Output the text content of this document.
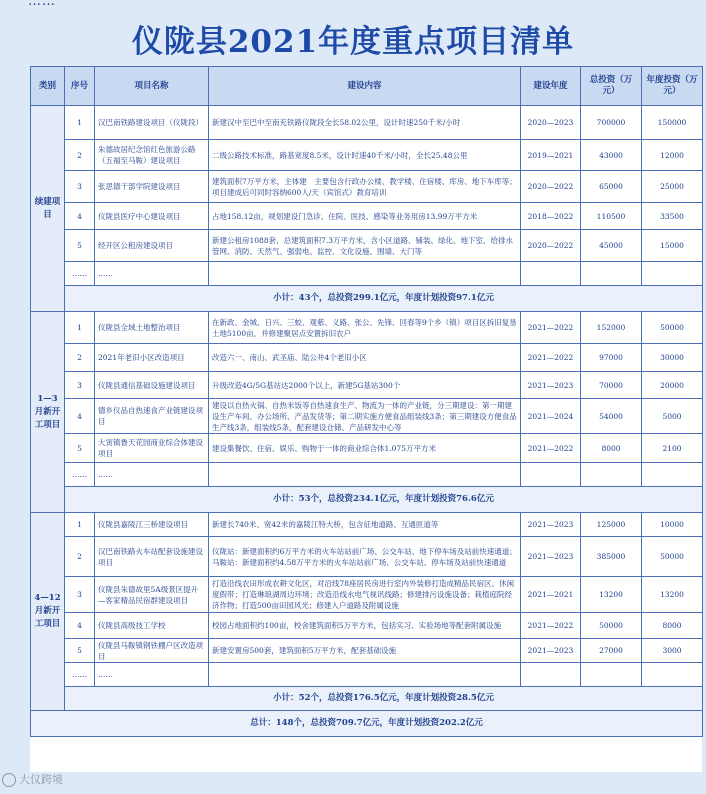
……
仪陇县2021年度重点项目清单
类别	序号	项目名称	建设内容	建设年度	总投资（万元）	年度投资（万元）
续建项目	1	汉巴南铁路建设项目（仪陇段）	新建汉中至巴中至南充铁路仪陇段全长58.02公里，设计时速250千米/小时	2020—2023	700000	150000
	2	朱德故居纪念馆红色旅游公路（五福至马鞍）建设项目	二级公路技术标准，路基宽度8.5米，设计时速40千米/小时，全长25.48公里	2019—2021	43000	12000
	3	张思德干部学院建设项目	建筑面积7万平方米，主体建　主要包含行政办公楼、教学楼、住宿楼、库房、地下车库等；项目建成后可同时容纳600人/天（宾馆式）教育培训	2020—2022	65000	25000
	4	仪陇县医疗中心建设项目	占地158.12亩，规划建设门急诊、住院、医技、感染等业务用房13.99万平方米	2018—2022	110500	33500
	5	经开区公租房建设项目	新建公租房1088套，总建筑面积7.3万平方米，含小区道路、铺装、绿化、地下室、给排水管网、消防、天然气、强弱电、监控、文化设施、围墙、大门等	2020—2022	45000	15000
	……	……				
	小计：43个，总投资299.1亿元，年度计划投资97.1亿元					
1—3月新开工项目	1	仪陇县全域土地整治项目	在新政、金城、日兴、三蛟、观紫、义路、张公、先锋、回春等9个乡（镇）项目区拆旧复垦土地5100亩，并修建聚居点安置拆旧农户	2021—2022	152000	50000
	2	2021年老旧小区改造项目	改造六一、南山、武圣庙、陆公井4个老旧小区	2021—2022	97000	30000
	3	仪陇县通信基础设施建设项目	升级改造4G/5G基站达2000个以上，新建5G基站300个	2021—2023	70000	20000
	4	德乡仪品自热速食产业链建设项目	建设以自热火锅、自热米饭等自热速食生产、物流为一体的产业链，分三期建设：第一期建设生产车间、办公场所、产品发货等；第二期实施方便食品组装线3条；第三期建设方便食品生产线3条，组装线5条，配套建设仓储、产品研发中心等	2021—2024	54000	5000
	5	大寅镇鲁天花园商业综合体建设项目	建设集餐饮、住宿、娱乐、购物于一体的商业综合体1.075万平方米	2021—2022	8000	2100
	……	……				
	小计：53个，总投资234.1亿元，年度计划投资76.6亿元					
4—12月新开工项目	1	仪陇县嘉陵江三桥建设项目	新建长740米、宽42米的嘉陵江特大桥，包含征地道路、互通匝道等	2021—2023	125000	10000
	2	汉巴南铁路火车站配套设施建设项目	仪陇站：新建面积约6万平方米的火车站站前广场、公交车站、地下停车场及站前快速通道；马鞍站：新建面积约4.58万平方米的火车站站前广场、公交车站、停车场及站前快速通道	2021—2023	385000	50000
	3	仪陇县朱德故里5A级景区提升—客家精品民宿群建设项目	打造沿线农田形成农耕文化区，对沿线78座居民房进行室内外装修打造成精品民宿区、休闲度假带；打造琳琅湖周边环境；改造沿线水电气视讯线路；修建排污设施设备；栽植庭院经济作物；打造500亩田园风光；修建入户道路及附属设施	2021—2021	13200	13200
	4	仪陇县高级技工学校	校园占地面积约100亩，校舍建筑面积5万平方米，包括实习、实验场地等配套附属设施	2021—2022	50000	8000
	5	仪陇县马鞍镇钢铁棚户区改造项目	新建安置房500套，建筑面积5万平方米，配套基础设施	2021—2023	27000	3000
	……	……				
	小计：52个，总投资176.5亿元，年度计划投资28.5亿元					
总计：148个，总投资709.7亿元，年度计划投资202.2亿元						
大仪跨境
